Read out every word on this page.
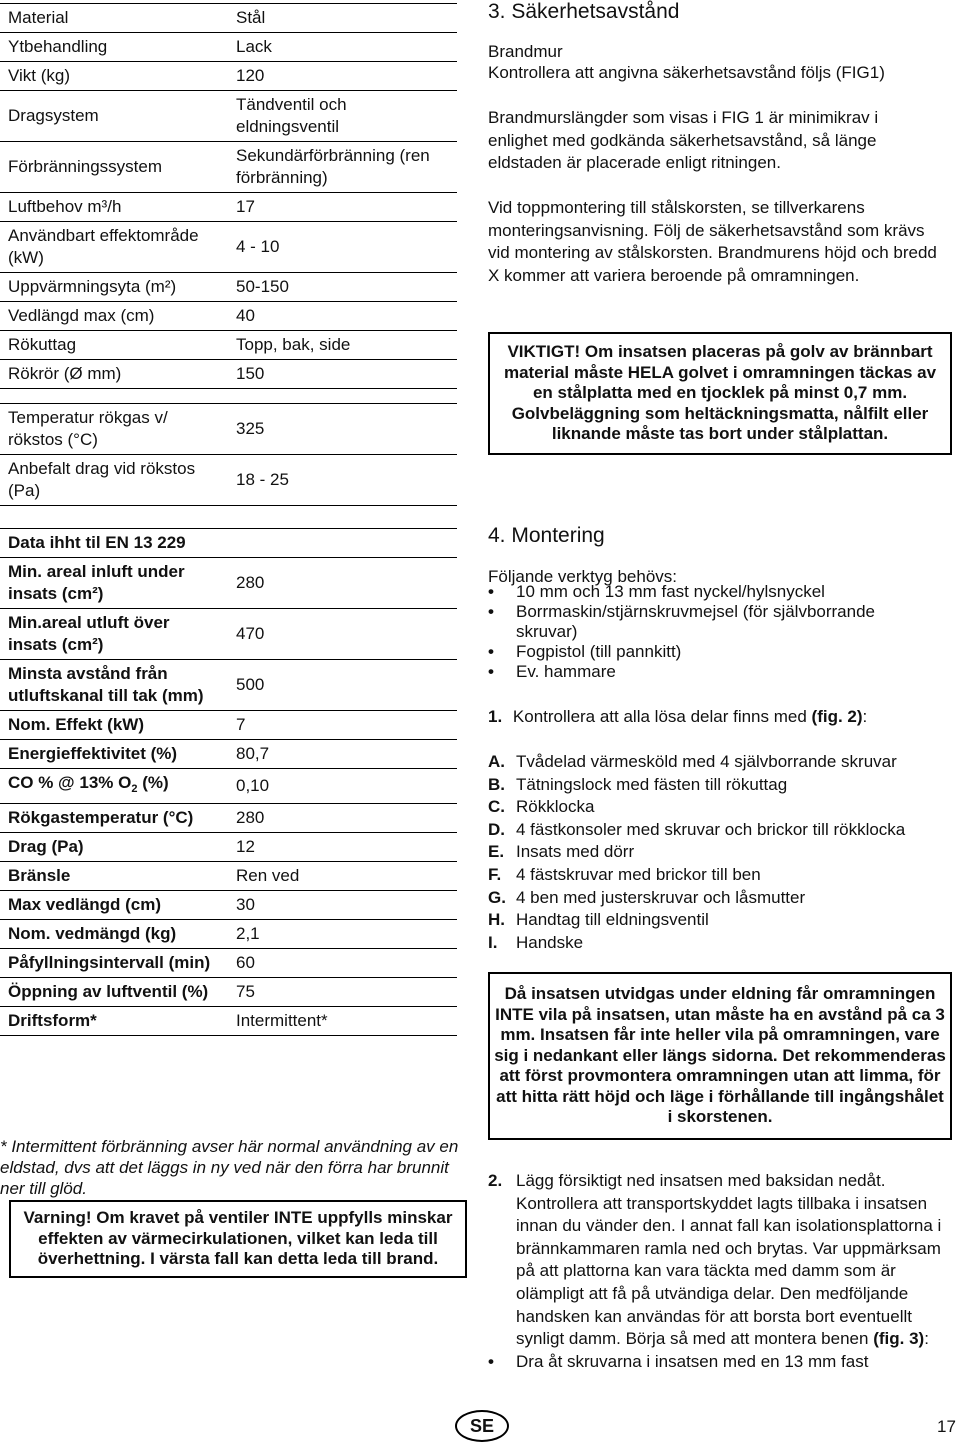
Material	Stål
Ytbehandling	Lack
Vikt (kg)	120
Dragsystem	Tändventil och eldningsventil
Förbränningssystem	Sekundärförbränning (ren förbränning)
Luftbehov m³/h	17
Användbart effektområde (kW)	4 - 10
Uppvärmningsyta (m²)	50-150
Vedlängd max (cm)	40
Rökuttag	Topp, bak, side
Rökrör (Ø mm)	150

Temperatur rökgas v/ rökstos (°C)	325
Anbefalt drag vid rökstos (Pa)	18 - 25

Data ihht til EN 13 229	
Min. areal inluft under insats (cm²)	280
Min.areal utluft över insats (cm²)	470
Minsta avstånd från utluftskanal till tak (mm)	500
Nom. Effekt (kW)	7
Energieffektivitet (%)	80,7
CO % @ 13% $O_2$ (%)	0,10
Rökgastemperatur (°C)	280
Drag (Pa)	12
Bränsle	Ren ved
Max vedlängd (cm)	30
Nom. vedmängd (kg)	2,1
Påfyllningsintervall (min)	60
Öppning av luftventil (%)	75
Driftsform*	Intermittent*
* Intermittent förbränning avser här normal användning av en eldstad, dvs att det läggs in ny ved när den förra har brunnit ner till glöd.
Varning! Om kravet på ventiler INTE uppfylls minskar effekten av värmecirkulationen, vilket kan leda till överhettning. I värsta fall kan detta leda till brand.
3. Säkerhetsavstånd
Brandmur
Kontrollera att angivna säkerhetsavstånd följs (FIG1)
Brandmurslängder som visas i FIG 1 är minimikrav i enlighet med godkända säkerhetsavstånd, så länge eldstaden är placerade enligt ritningen.
Vid toppmontering till stålskorsten, se tillverkarens monteringsanvisning. Följ de säkerhetsavstånd som krävs vid montering av stålskorsten. Brandmurens höjd och bredd X kommer att variera beroende på omramningen.
VIKTIGT! Om insatsen placeras på golv av brännbart material måste HELA golvet i omramningen täckas av en stålplatta med en tjocklek på minst 0,7 mm. Golvbeläggning som heltäckningsmatta, nålfilt eller liknande måste tas bort under stålplattan.
4. Montering
Följande verktyg behövs:
• 10 mm och 13 mm fast nyckel/hylsnyckel
• Borrmaskin/stjärnskruvmejsel (för självborrande skruvar)
• Fogpistol (till pannkitt)
• Ev. hammare
1. Kontrollera att alla lösa delar finns med (fig. 2):
A. Tvådelad värmesköld med 4 självborrande skruvar
B. Tätningslock med fästen till rökuttag
C. Rökklocka
D. 4 fästkonsoler med skruvar och brickor till rökklocka
E. Insats med dörr
F. 4 fästskruvar med brickor till ben
G. 4 ben med justerskruvar och låsmutter
H. Handtag till eldningsventil
I. Handske
Då insatsen utvidgas under eldning får omramningen INTE vila på insatsen, utan måste ha en avstånd på ca 3 mm. Insatsen får inte heller vila på omramningen, vare sig i nedankant eller längs sidorna. Det rekommenderas att först provmontera omramningen utan att limma, för att hitta rätt höjd och läge i förhållande till ingångshålet i skorstenen.
2. Lägg försiktigt ned insatsen med baksidan nedåt. Kontrollera att transportskyddet lagts tillbaka i insatsen innan du vänder den. I annat fall kan isolationsplattorna i brännkammaren ramla ned och brytas. Var uppmärksam på att plattorna kan vara täckta med damm som är olämpligt att få på utvändiga delar. Den medföljande handsken kan användas för att borsta bort eventuellt synligt damm. Börja så med att montera benen (fig. 3):
• Dra åt skruvarna i insatsen med en 13 mm fast
SE	17
